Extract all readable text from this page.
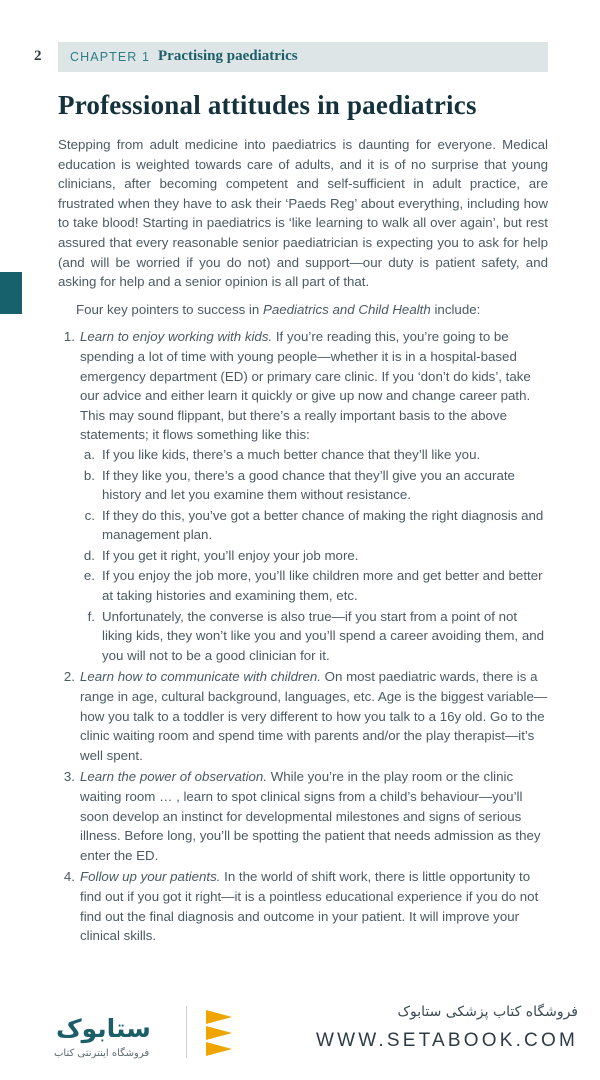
2 CHAPTER 1 Practising paediatrics
Professional attitudes in paediatrics

Stepping from adult medicine into paediatrics is daunting for everyone. Medical education is weighted towards care of adults, and it is of no surprise that young clinicians, after becoming competent and self-sufficient in adult practice, are frustrated when they have to ask their ‘Paeds Reg’ about everything, including how to take blood! Starting in paediatrics is ‘like learning to walk all over again’, but rest assured that every reasonable senior paediatrician is expecting you to ask for help (and will be worried if you do not) and support—our duty is patient safety, and asking for help and a senior opinion is all part of that.

Four key pointers to success in Paediatrics and Child Health include:

1. Learn to enjoy working with kids. If you’re reading this, you’re going to be spending a lot of time with young people—whether it is in a hospital-based emergency department (ED) or primary care clinic. If you ‘don’t do kids’, take our advice and either learn it quickly or give up now and change career path. This may sound flippant, but there’s a really important basis to the above statements; it flows something like this:
a. If you like kids, there’s a much better chance that they’ll like you.
b. If they like you, there’s a good chance that they’ll give you an accurate history and let you examine them without resistance.
c. If they do this, you’ve got a better chance of making the right diagnosis and management plan.
d. If you get it right, you’ll enjoy your job more.
e. If you enjoy the job more, you’ll like children more and get better and better at taking histories and examining them, etc.
f. Unfortunately, the converse is also true—if you start from a point of not liking kids, they won’t like you and you’ll spend a career avoiding them, and you will not to be a good clinician for it.
2. Learn how to communicate with children. On most paediatric wards, there is a range in age, cultural background, languages, etc. Age is the biggest variable—how you talk to a toddler is very different to how you talk to a 16y old. Go to the clinic waiting room and spend time with parents and/or the play therapist—it’s well spent.
3. Learn the power of observation. While you’re in the play room or the clinic waiting room … , learn to spot clinical signs from a child’s behaviour—you’ll soon develop an instinct for developmental milestones and signs of serious illness. Before long, you’ll be spotting the patient that needs admission as they enter the ED.
4. Follow up your patients. In the world of shift work, there is little opportunity to find out if you got it right—it is a pointless educational experience if you do not find out the final diagnosis and outcome in your patient. It will improve your clinical skills.
ستابوک
فروشگاه اینترنتی کتاب
فروشگاه کتاب پزشکی ستابوک
WWW.SETABOOK.COM
